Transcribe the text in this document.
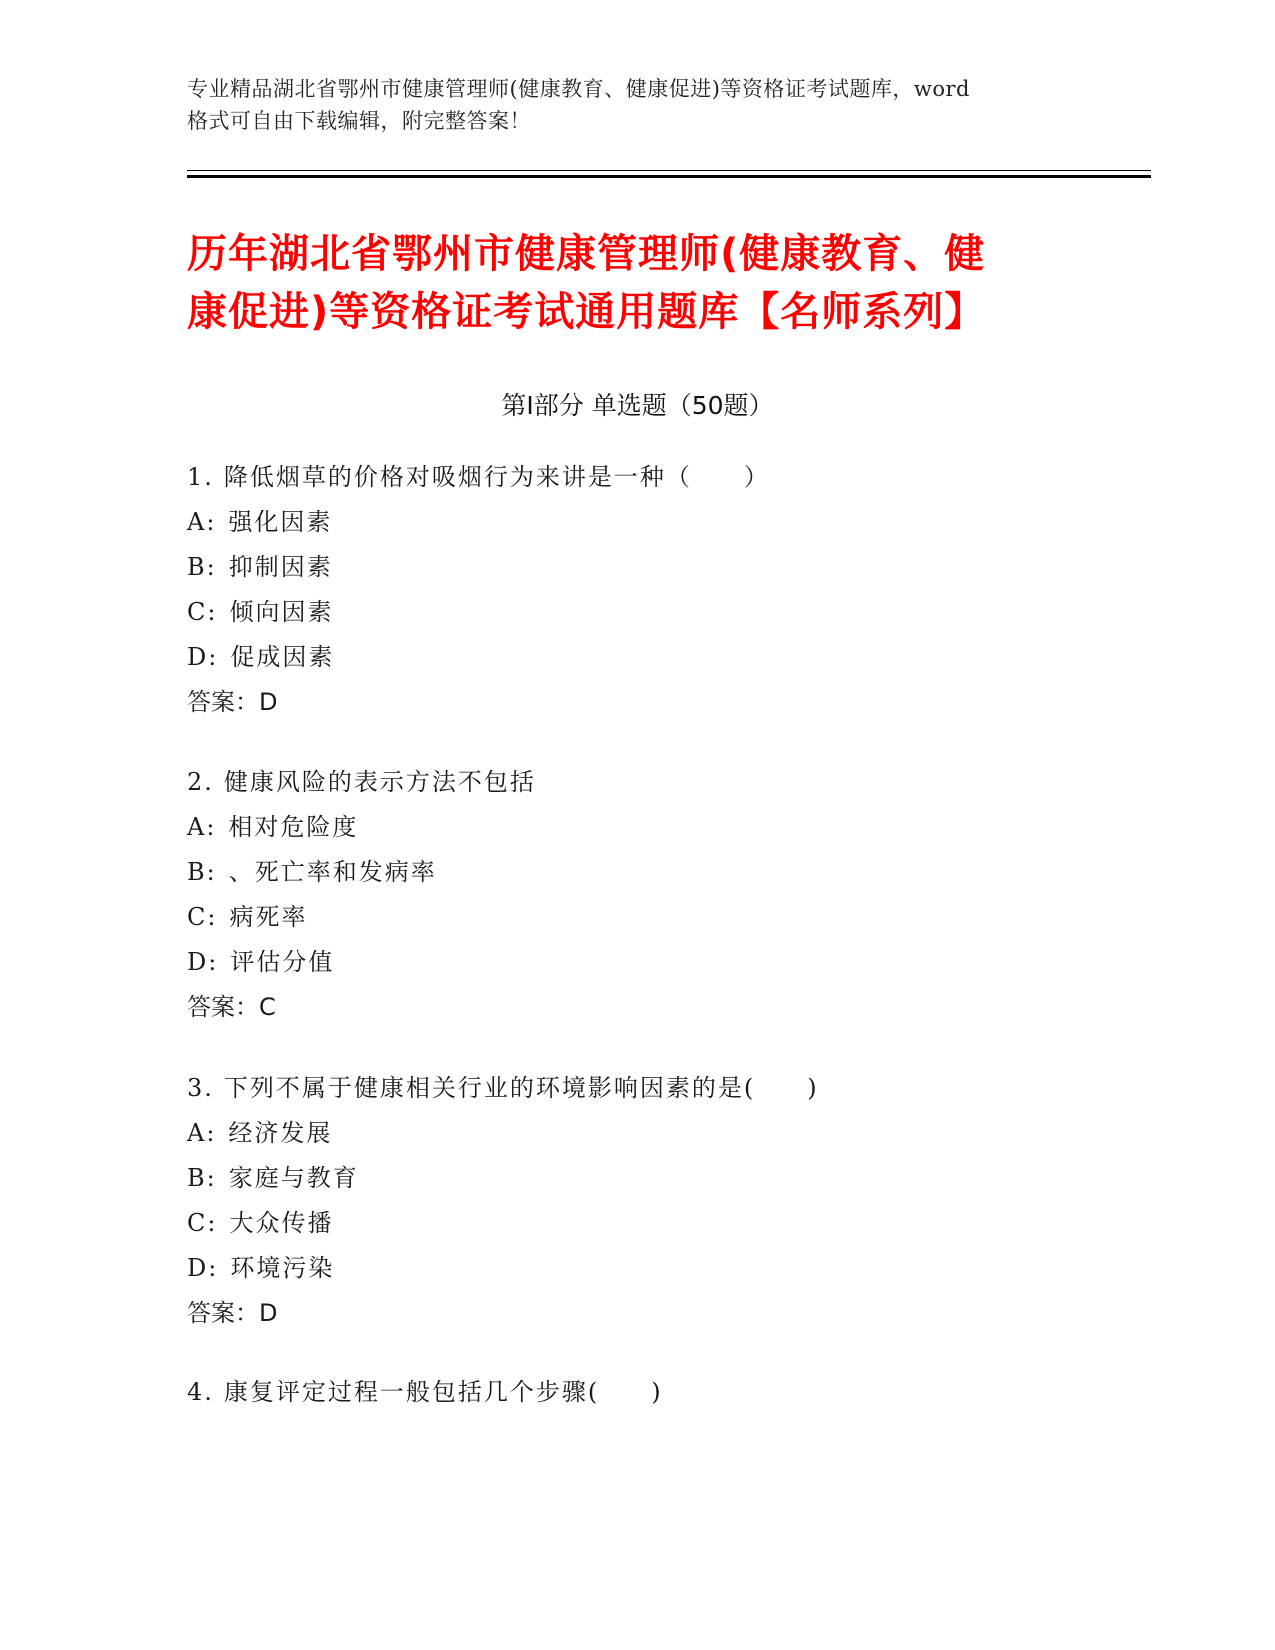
专业精品湖北省鄂州市健康管理师(健康教育、健康促进)等资格证考试题库，word
格式可自由下载编辑，附完整答案！
历年湖北省鄂州市健康管理师(健康教育、健
康促进)等资格证考试通用题库【名师系列】
第Ⅰ部分 单选题（50题）
1. 降低烟草的价格对吸烟行为来讲是一种（　　）
A: 强化因素
B: 抑制因素
C: 倾向因素
D: 促成因素
答案：D
2. 健康风险的表示方法不包括
A: 相对危险度
B: 、死亡率和发病率
C: 病死率
D: 评估分值
答案：C
3. 下列不属于健康相关行业的环境影响因素的是(　　)
A: 经济发展
B: 家庭与教育
C: 大众传播
D: 环境污染
答案：D
4. 康复评定过程一般包括几个步骤(　　)
